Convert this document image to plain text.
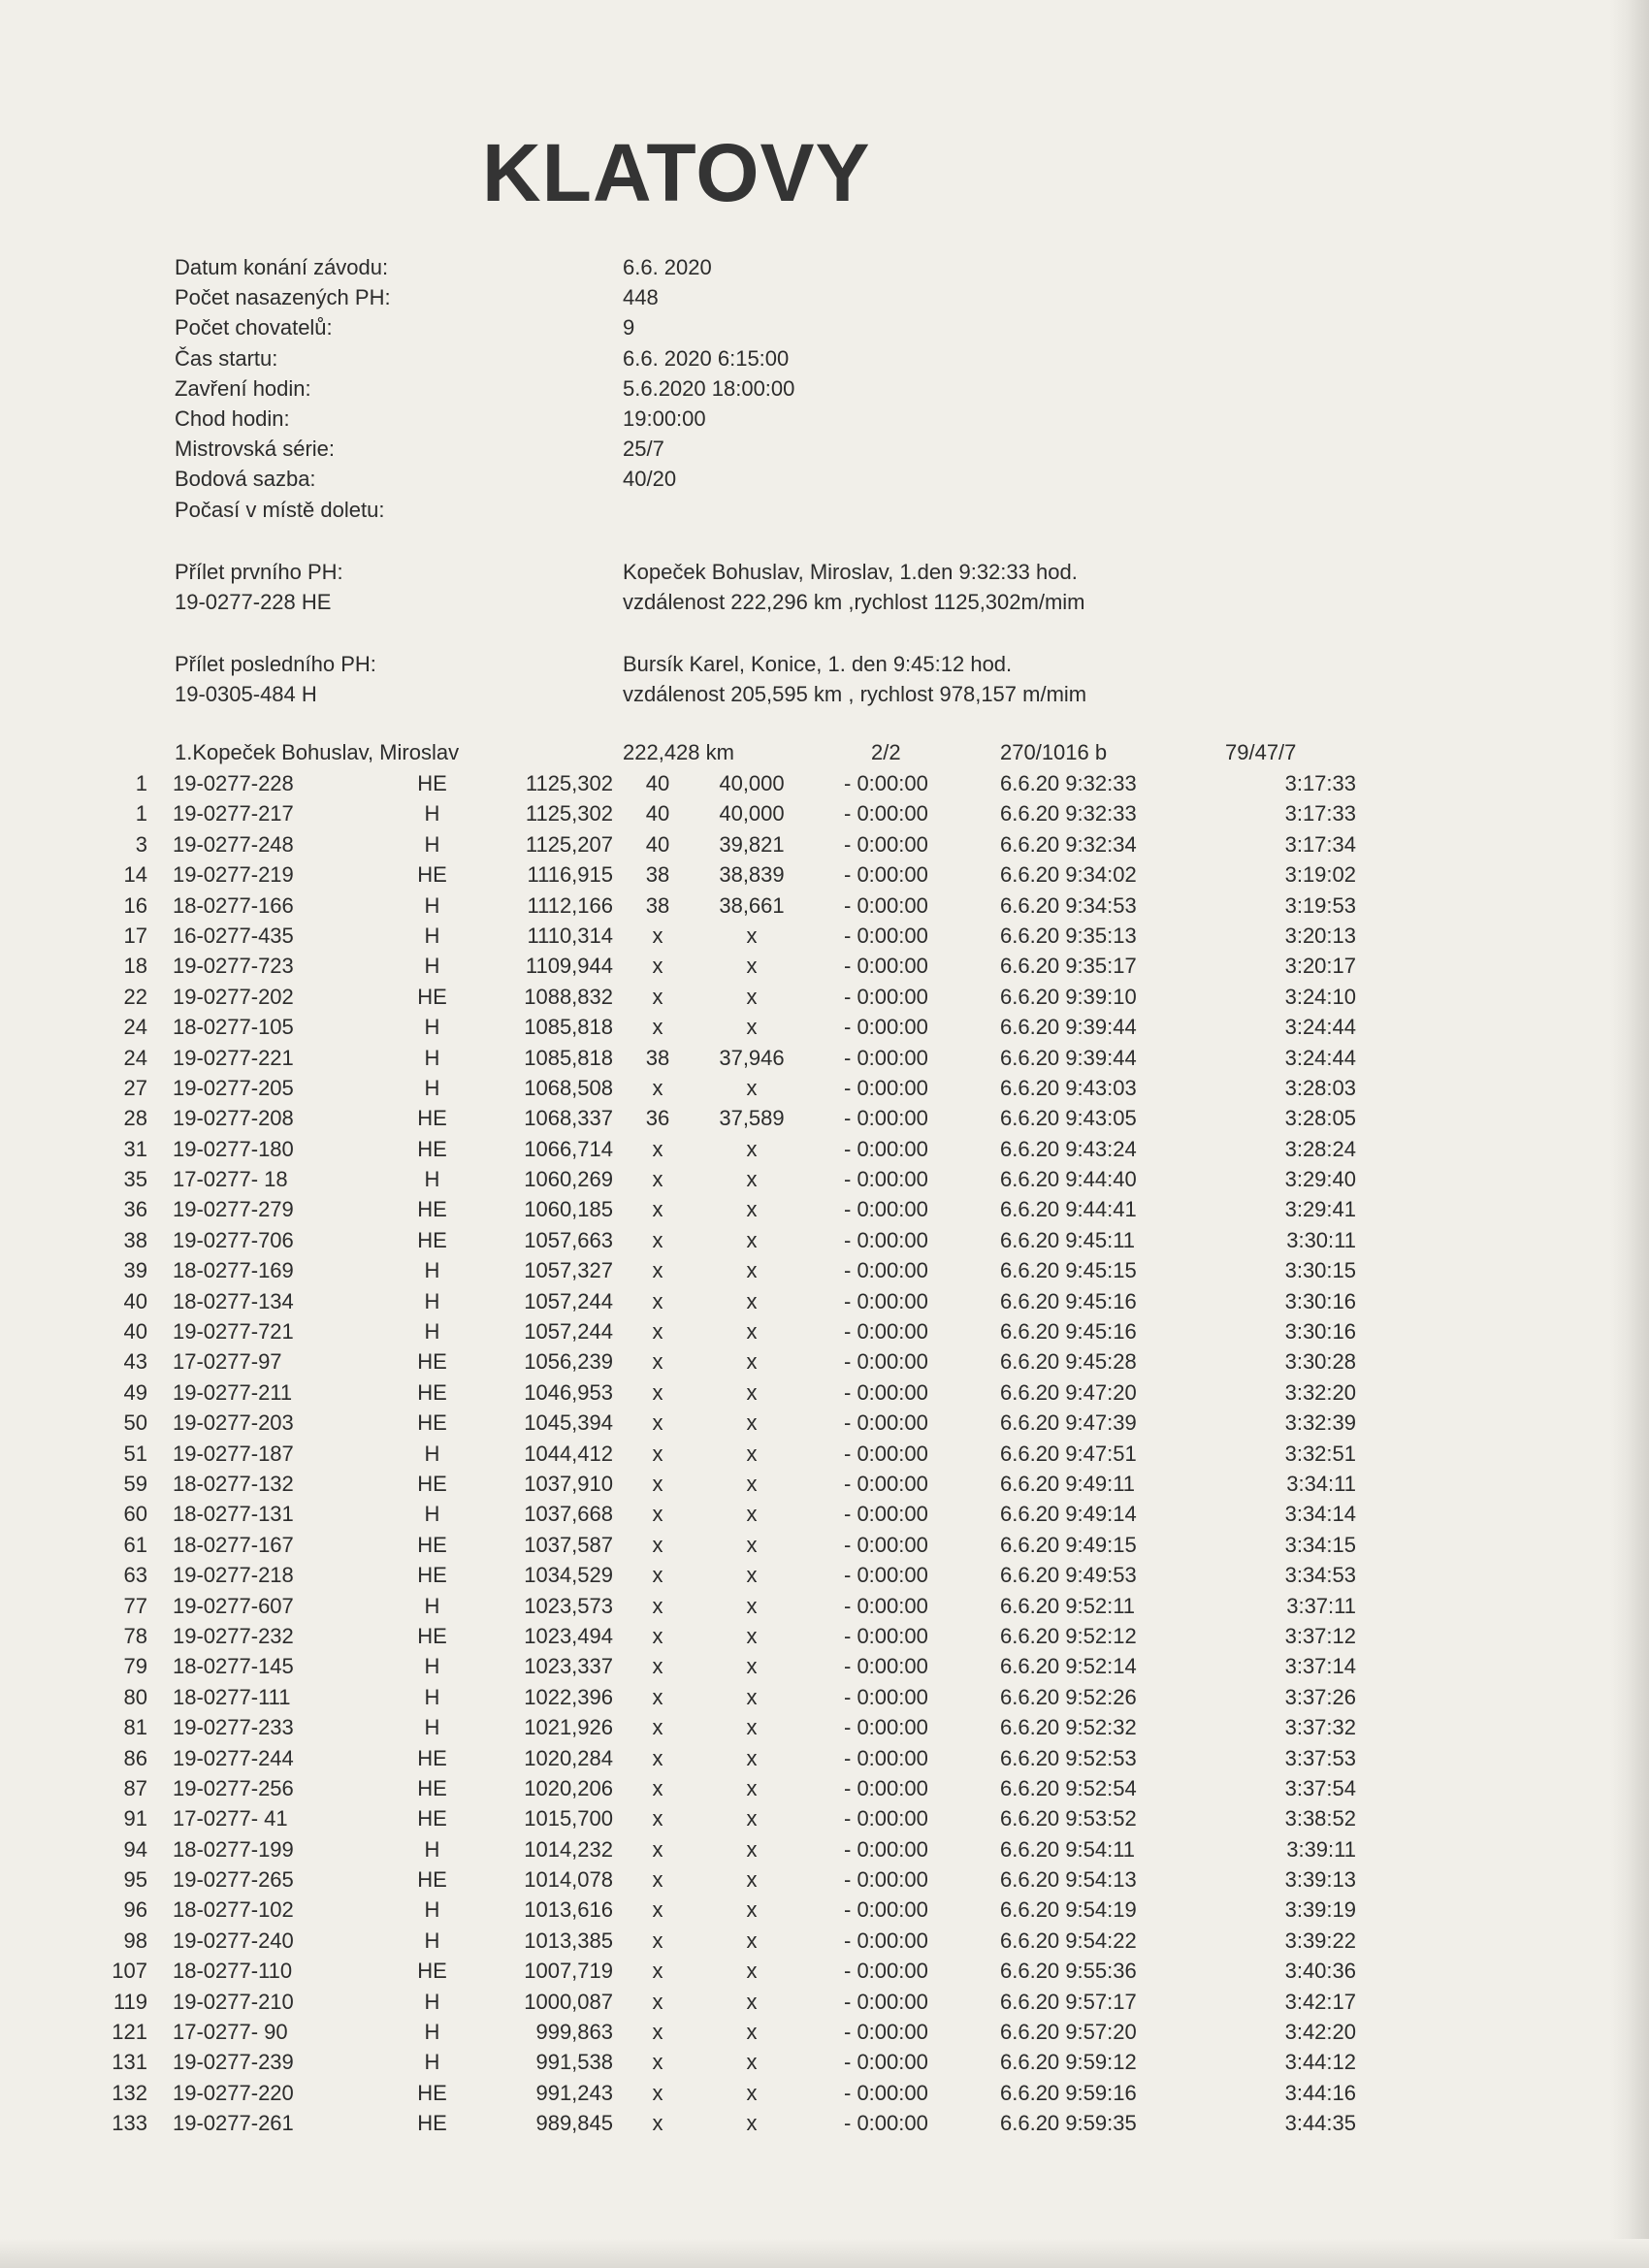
KLATOVY
Datum konání závodu:	6.6. 2020
Počet nasazených PH:	448
Počet chovatelů:	9
Čas startu:	6.6. 2020 6:15:00
Zavření hodin:	5.6.2020 18:00:00
Chod hodin:	19:00:00
Mistrovská série:	25/7
Bodová sazba:	40/20
Počasí v místě doletu:
Přílet prvního PH:	Kopeček Bohuslav, Miroslav, 1.den 9:32:33 hod.
19-0277-228 HE	vzdálenost 222,296 km ,rychlost 1125,302m/mim
Přílet posledního PH:	Bursík Karel, Konice, 1. den 9:45:12 hod.
19-0305-484 H	vzdálenost 205,595 km , rychlost 978,157 m/mim
1.Kopeček Bohuslav, Miroslav	222,428 km	2/2	270/1016 b	79/47/7
1 19-0277-228	HE	1125,302	40	40,000	- 0:00:00	6.6.20 9:32:33	3:17:33
1 19-0277-217	H	1125,302	40	40,000	- 0:00:00	6.6.20 9:32:33	3:17:33
3 19-0277-248	H	1125,207	40	39,821	- 0:00:00	6.6.20 9:32:34	3:17:34
14 19-0277-219	HE	1116,915	38	38,839	- 0:00:00	6.6.20 9:34:02	3:19:02
16 18-0277-166	H	1112,166	38	38,661	- 0:00:00	6.6.20 9:34:53	3:19:53
17 16-0277-435	H	1110,314	x	x	- 0:00:00	6.6.20 9:35:13	3:20:13
18 19-0277-723	H	1109,944	x	x	- 0:00:00	6.6.20 9:35:17	3:20:17
22 19-0277-202	HE	1088,832	x	x	- 0:00:00	6.6.20 9:39:10	3:24:10
24 18-0277-105	H	1085,818	x	x	- 0:00:00	6.6.20 9:39:44	3:24:44
24 19-0277-221	H	1085,818	38	37,946	- 0:00:00	6.6.20 9:39:44	3:24:44
27 19-0277-205	H	1068,508	x	x	- 0:00:00	6.6.20 9:43:03	3:28:03
28 19-0277-208	HE	1068,337	36	37,589	- 0:00:00	6.6.20 9:43:05	3:28:05
31 19-0277-180	HE	1066,714	x	x	- 0:00:00	6.6.20 9:43:24	3:28:24
35 17-0277- 18	H	1060,269	x	x	- 0:00:00	6.6.20 9:44:40	3:29:40
36 19-0277-279	HE	1060,185	x	x	- 0:00:00	6.6.20 9:44:41	3:29:41
38 19-0277-706	HE	1057,663	x	x	- 0:00:00	6.6.20 9:45:11	3:30:11
39 18-0277-169	H	1057,327	x	x	- 0:00:00	6.6.20 9:45:15	3:30:15
40 18-0277-134	H	1057,244	x	x	- 0:00:00	6.6.20 9:45:16	3:30:16
40 19-0277-721	H	1057,244	x	x	- 0:00:00	6.6.20 9:45:16	3:30:16
43 17-0277-97	HE	1056,239	x	x	- 0:00:00	6.6.20 9:45:28	3:30:28
49 19-0277-211	HE	1046,953	x	x	- 0:00:00	6.6.20 9:47:20	3:32:20
50 19-0277-203	HE	1045,394	x	x	- 0:00:00	6.6.20 9:47:39	3:32:39
51 19-0277-187	H	1044,412	x	x	- 0:00:00	6.6.20 9:47:51	3:32:51
59 18-0277-132	HE	1037,910	x	x	- 0:00:00	6.6.20 9:49:11	3:34:11
60 18-0277-131	H	1037,668	x	x	- 0:00:00	6.6.20 9:49:14	3:34:14
61 18-0277-167	HE	1037,587	x	x	- 0:00:00	6.6.20 9:49:15	3:34:15
63 19-0277-218	HE	1034,529	x	x	- 0:00:00	6.6.20 9:49:53	3:34:53
77 19-0277-607	H	1023,573	x	x	- 0:00:00	6.6.20 9:52:11	3:37:11
78 19-0277-232	HE	1023,494	x	x	- 0:00:00	6.6.20 9:52:12	3:37:12
79 18-0277-145	H	1023,337	x	x	- 0:00:00	6.6.20 9:52:14	3:37:14
80 18-0277-111	H	1022,396	x	x	- 0:00:00	6.6.20 9:52:26	3:37:26
81 19-0277-233	H	1021,926	x	x	- 0:00:00	6.6.20 9:52:32	3:37:32
86 19-0277-244	HE	1020,284	x	x	- 0:00:00	6.6.20 9:52:53	3:37:53
87 19-0277-256	HE	1020,206	x	x	- 0:00:00	6.6.20 9:52:54	3:37:54
91 17-0277- 41	HE	1015,700	x	x	- 0:00:00	6.6.20 9:53:52	3:38:52
94 18-0277-199	H	1014,232	x	x	- 0:00:00	6.6.20 9:54:11	3:39:11
95 19-0277-265	HE	1014,078	x	x	- 0:00:00	6.6.20 9:54:13	3:39:13
96 18-0277-102	H	1013,616	x	x	- 0:00:00	6.6.20 9:54:19	3:39:19
98 19-0277-240	H	1013,385	x	x	- 0:00:00	6.6.20 9:54:22	3:39:22
107 18-0277-110	HE	1007,719	x	x	- 0:00:00	6.6.20 9:55:36	3:40:36
119 19-0277-210	H	1000,087	x	x	- 0:00:00	6.6.20 9:57:17	3:42:17
121 17-0277- 90	H	999,863	x	x	- 0:00:00	6.6.20 9:57:20	3:42:20
131 19-0277-239	H	991,538	x	x	- 0:00:00	6.6.20 9:59:12	3:44:12
132 19-0277-220	HE	991,243	x	x	- 0:00:00	6.6.20 9:59:16	3:44:16
133 19-0277-261	HE	989,845	x	x	- 0:00:00	6.6.20 9:59:35	3:44:35
